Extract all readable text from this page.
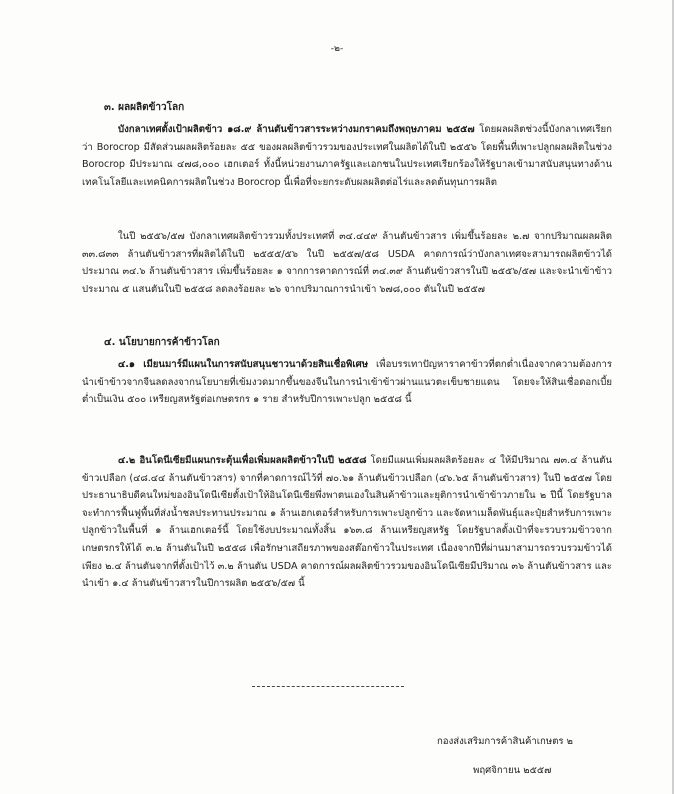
-๒-
๓. ผลผลิตข้าวโลก

บังกลาเทศตั้งเป้าผลิตข้าว ๑๘.๙ ล้านตันข้าวสารระหว่างมกราคมถึงพฤษภาคม ๒๕๕๗ โดยผลผลิตช่วงนี้บังกลาเทศเรียกว่า Borocrop มีสัดส่วนผลผลิตร้อยละ ๕๕ ของผลผลิตข้าวรวมของประเทศในผลิตได้ในปี ๒๕๕๖ โดยพื้นที่เพาะปลูกผลผลิตในช่วง Borocrop มีประมาณ ๔๗๘,๐๐๐ เฮกเตอร์ ทั้งนี้หน่วยงานภาครัฐและเอกชนในประเทศเรียกร้องให้รัฐบาลเข้ามาสนับสนุนทางด้านเทคโนโลยีและเทคนิคการผลิตในช่วง Borocrop นี้เพื่อที่จะยกระดับผลผลิตต่อไร่และลดต้นทุนการผลิต

ในปี ๒๕๕๖/๕๗ บังกลาเทศผลิตข้าวรวมทั้งประเทศที่ ๓๔.๔๔๙ ล้านตันข้าวสาร เพิ่มขึ้นร้อยละ ๒.๗ จากปริมาณผลผลิต ๓๓.๘๓๓ ล้านตันข้าวสารที่ผลิตได้ในปี ๒๕๕๕/๕๖ ในปี ๒๕๕๗/๕๘ USDA คาดการณ์ว่าบังกลาเทศจะสามารถผลิตข้าวได้ประมาณ ๓๔.๖ ล้านตันข้าวสาร เพิ่มขึ้นร้อยละ ๑ จากการคาดการณ์ที่ ๓๔.๓๙ ล้านตันข้าวสารในปี ๒๕๕๖/๕๗ และจะนำเข้าข้าวประมาณ ๕ แสนตันในปี ๒๕๕๘ ลดลงร้อยละ ๒๖ จากปริมาณการนำเข้า ๖๗๘,๐๐๐ ตันในปี ๒๕๕๗

๔. นโยบายการค้าข้าวโลก

๔.๑ เมียนมาร์มีแผนในการสนับสนุนชาวนาด้วยสินเชื่อพิเศษ เพื่อบรรเทาปัญหาราคาข้าวที่ตกต่ำเนื่องจากความต้องการนำเข้าข้าวจากจีนลดลงจากนโยบายที่เข้มงวดมากขึ้นของจีนในการนำเข้าข้าวผ่านแนวตะเข็บชายแดน โดยจะให้สินเชื่อดอกเบี้ยต่ำเป็นเงิน ๕๐๐ เหรียญสหรัฐต่อเกษตรกร ๑ ราย สำหรับปีการเพาะปลูก ๒๕๕๘ นี้

๔.๒ อินโดนีเซียมีแผนกระตุ้นเพื่อเพิ่มผลผลิตข้าวในปี ๒๕๕๘ โดยมีแผนเพิ่มผลผลิตร้อยละ ๔ ให้มีปริมาณ ๗๓.๔ ล้านตันข้าวเปลือก (๔๘.๔๔ ล้านตันข้าวสาร) จากที่คาดการณ์ไว้ที่ ๗๐.๖๑ ล้านตันข้าวเปลือก (๔๖.๖๕ ล้านตันข้าวสาร) ในปี ๒๕๕๗ โดยประธานาธิบดีคนใหม่ของอินโดนีเซียตั้งเป้าให้อินโดนีเซียพึ่งพาตนเองในสินค้าข้าวและยุติการนำเข้าข้าวภายใน ๒ ปีนี้ โดยรัฐบาลจะทำการฟื้นฟูพื้นที่ส่งน้ำชลประทานประมาณ ๑ ล้านเฮกเตอร์สำหรับการเพาะปลูกข้าว และจัดหาเมล็ดพันธุ์และปุ๋ยสำหรับการเพาะปลูกข้าวในพื้นที่ ๑ ล้านเฮกเตอร์นี้ โดยใช้งบประมาณทั้งสิ้น ๑๖๓.๘ ล้านเหรียญสหรัฐ โดยรัฐบาลตั้งเป้าที่จะรวบรวมข้าวจากเกษตรกรให้ได้ ๓.๒ ล้านตันในปี ๒๕๕๘ เพื่อรักษาเสถียรภาพของสต๊อกข้าวในประเทศ เนื่องจากปีที่ผ่านมาสามารถรวบรวมข้าวได้เพียง ๒.๔ ล้านตันจากที่ตั้งเป้าไว้ ๓.๒ ล้านตัน USDA คาดการณ์ผลผลิตข้าวรวมของอินโดนีเซียมีปริมาณ ๓๖ ล้านตันข้าวสาร และนำเข้า ๑.๔ ล้านตันข้าวสารในปีการผลิต ๒๕๕๖/๕๗ นี้

กองส่งเสริมการค้าสินค้าเกษตร ๒
พฤศจิกายน ๒๕๕๗
